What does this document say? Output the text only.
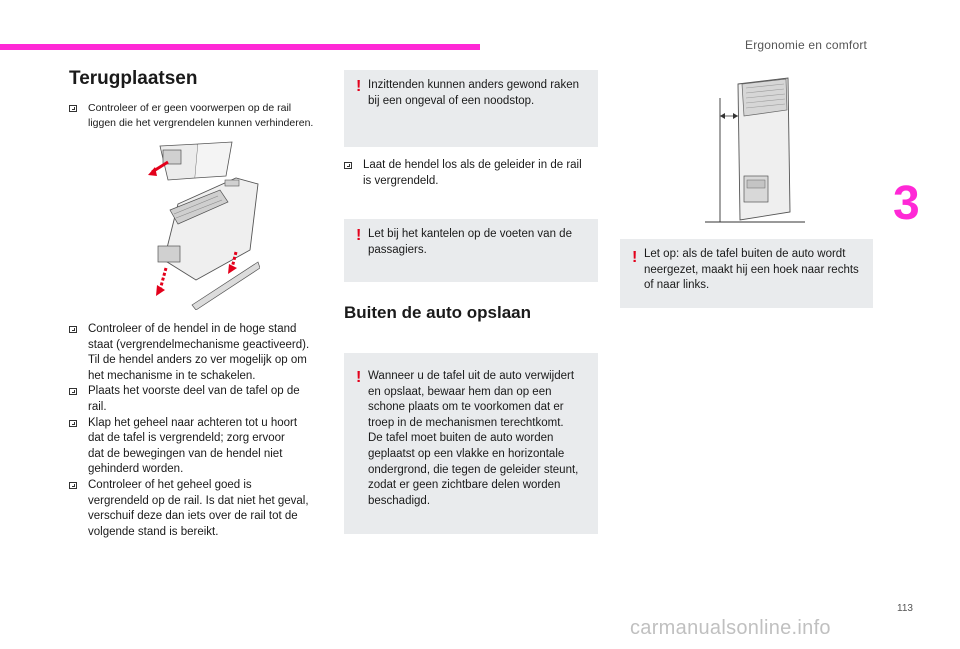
Ergonomie en comfort
3
113
Terugplaatsen
Controleer of er geen voorwerpen op de rail
liggen die het vergrendelen kunnen verhinderen.
Controleer of de hendel in de hoge stand
staat (vergrendelmechanisme geactiveerd).
Til de hendel anders zo ver mogelijk op om
het mechanisme in te schakelen.
Plaats het voorste deel van de tafel op de
rail.
Klap het geheel naar achteren tot u hoort
dat de tafel is vergrendeld; zorg ervoor
dat de bewegingen van de hendel niet
gehinderd worden.
Controleer of het geheel goed is
vergrendeld op de rail. Is dat niet het geval,
verschuif deze dan iets over de rail tot de
volgende stand is bereikt.
! Inzittenden kunnen anders gewond raken
bij een ongeval of een noodstop.
Laat de hendel los als de geleider in de rail
is vergrendeld.
! Let bij het kantelen op de voeten van de
passagiers.
Buiten de auto opslaan
! Wanneer u de tafel uit de auto verwijdert
en opslaat, bewaar hem dan op een
schone plaats om te voorkomen dat er
troep in de mechanismen terechtkomt.
De tafel moet buiten de auto worden
geplaatst op een vlakke en horizontale
ondergrond, die tegen de geleider steunt,
zodat er geen zichtbare delen worden
beschadigd.
! Let op: als de tafel buiten de auto wordt
neergezet, maakt hij een hoek naar rechts
of naar links.
carmanualsonline.info
